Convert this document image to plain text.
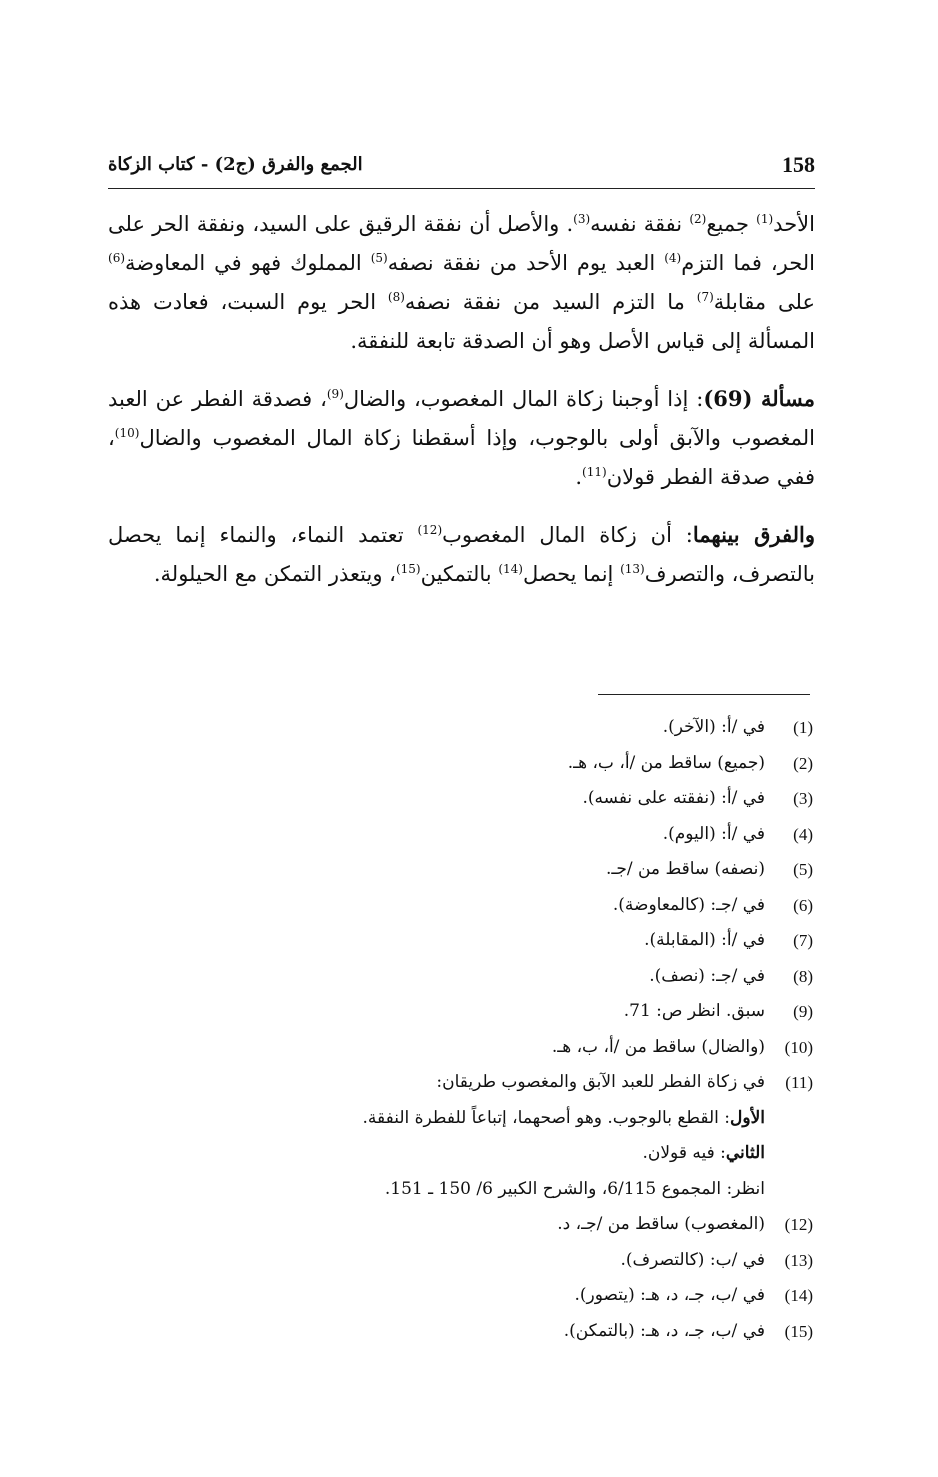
158
الجمع والفرق (ج2) - كتاب الزكاة

الأحد$^{(1)}$ جميع$^{(2)}$ نفقة نفسه$^{(3)}$. والأصل أن نفقة الرقيق على السيد، ونفقة الحر على الحر، فما التزم$^{(4)}$ العبد يوم الأحد من نفقة نصفه$^{(5)}$ المملوك فهو في المعاوضة$^{(6)}$ على مقابلة$^{(7)}$ ما التزم السيد من نفقة نصفه$^{(8)}$ الحر يوم السبت، فعادت هذه المسألة إلى قياس الأصل وهو أن الصدقة تابعة للنفقة.

مسألة (69): إذا أوجبنا زكاة المال المغصوب، والضال$^{(9)}$، فصدقة الفطر عن العبد المغصوب والآبق أولى بالوجوب، وإذا أسقطنا زكاة المال المغصوب والضال$^{(10)}$، ففي صدقة الفطر قولان$^{(11)}$.

والفرق بينهما: أن زكاة المال المغصوب$^{(12)}$ تعتمد النماء، والنماء إنما يحصل بالتصرف، والتصرف$^{(13)}$ إنما يحصل$^{(14)}$ بالتمكين$^{(15)}$، ويتعذر التمكن مع الحيلولة.

(1)
في /أ: (الآخر).
(2)
(جميع) ساقط من /أ، ب، هـ.
(3)
في /أ: (نفقته على نفسه).
(4)
في /أ: (اليوم).
(5)
(نصفه) ساقط من /جـ.
(6)
في /جـ: (كالمعاوضة).
(7)
في /أ: (المقابلة).
(8)
في /جـ: (نصف).
(9)
سبق. انظر ص: 71.
(10)
(والضال) ساقط من /أ، ب، هـ.
(11)
في زكاة الفطر للعبد الآبق والمغصوب طريقان:
الأول: القطع بالوجوب. وهو أصحهما، إتباعاً للفطرة النفقة.
الثاني: فيه قولان.
انظر: المجموع 6/115، والشرح الكبير 6/ 150 ـ 151.
(12)
(المغصوب) ساقط من /جـ، د.
(13)
في /ب: (كالتصرف).
(14)
في /ب، جـ، د، هـ: (يتصور).
(15)
في /ب، جـ، د، هـ: (بالتمكن).
